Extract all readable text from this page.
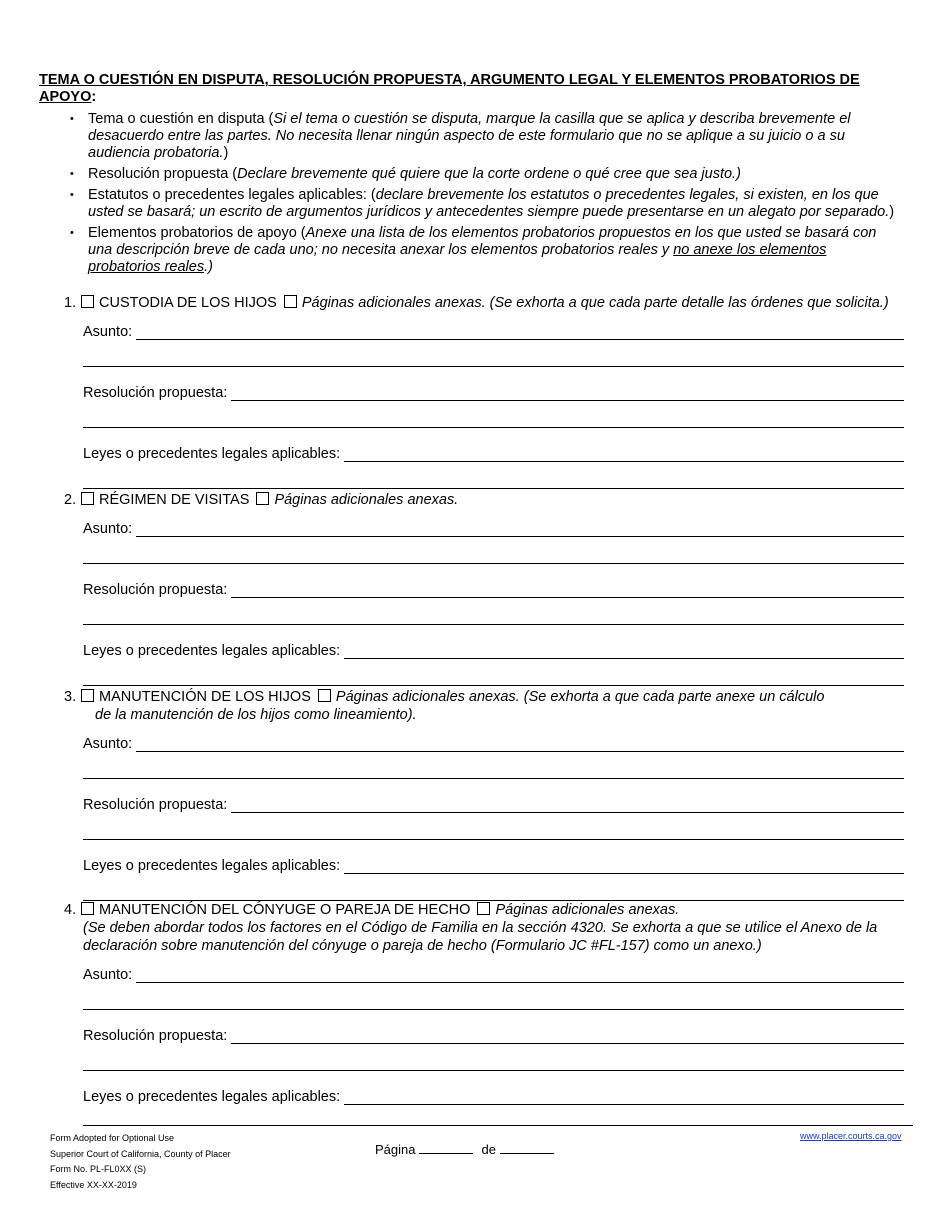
TEMA O CUESTIÓN EN DISPUTA, RESOLUCIÓN PROPUESTA, ARGUMENTO LEGAL Y ELEMENTOS PROBATORIOS DE APOYO:
• Tema o cuestión en disputa (Si el tema o cuestión se disputa, marque la casilla que se aplica y describa brevemente el desacuerdo entre las partes. No necesita llenar ningún aspecto de este formulario que no se aplique a su juicio o a su audiencia probatoria.)
• Resolución propuesta (Declare brevemente qué quiere que la corte ordene o qué cree que sea justo.)
• Estatutos o precedentes legales aplicables: (declare brevemente los estatutos o precedentes legales, si existen, en los que usted se basará; un escrito de argumentos jurídicos y antecedentes siempre puede presentarse en un alegato por separado.)
• Elementos probatorios de apoyo (Anexe una lista de los elementos probatorios propuestos en los que usted se basará con una descripción breve de cada uno; no necesita anexar los elementos probatorios reales y no anexe los elementos probatorios reales.)
1. CUSTODIA DE LOS HIJOS Páginas adicionales anexas. (Se exhorta a que cada parte detalle las órdenes que solicita.)
Asunto:
Resolución propuesta:
Leyes o precedentes legales aplicables:
2. RÉGIMEN DE VISITAS Páginas adicionales anexas.
Asunto:
Resolución propuesta:
Leyes o precedentes legales aplicables:
3. MANUTENCIÓN DE LOS HIJOS Páginas adicionales anexas. (Se exhorta a que cada parte anexe un cálculo
de la manutención de los hijos como lineamiento).
Asunto:
Resolución propuesta:
Leyes o precedentes legales aplicables:
4. MANUTENCIÓN DEL CÓNYUGE O PAREJA DE HECHO Páginas adicionales anexas.
(Se deben abordar todos los factores en el Código de Familia en la sección 4320. Se exhorta a que se utilice el Anexo de la declaración sobre manutención del cónyuge o pareja de hecho (Formulario JC #FL-157) como un anexo.)
Asunto:
Resolución propuesta:
Leyes o precedentes legales aplicables:
Form Adopted for Optional Use
Superior Court of California, County of Placer
Form No. PL-FL0XX (S)
Effective XX-XX-2019
Página	de
www.placer.courts.ca.gov
